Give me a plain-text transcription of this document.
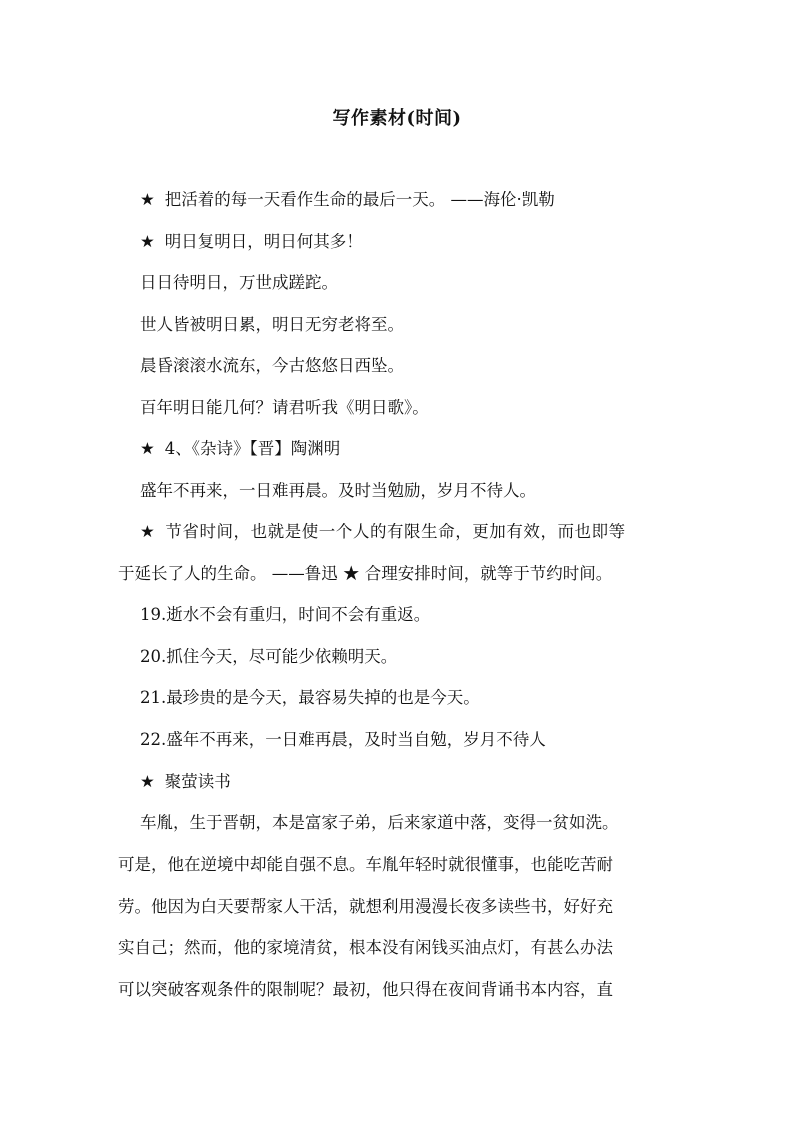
写作素材(时间)
★ 把活着的每一天看作生命的最后一天。 ——海伦·凯勒
★ 明日复明日，明日何其多！
日日待明日，万世成蹉跎。
世人皆被明日累，明日无穷老将至。
晨昏滚滚水流东，今古悠悠日西坠。
百年明日能几何？请君听我《明日歌》。
★ 4、《杂诗》【晋】陶渊明
盛年不再来，一日难再晨。及时当勉励，岁月不待人。
★ 节省时间，也就是使一个人的有限生命，更加有效，而也即等
于延长了人的生命。 ——鲁迅 ★ 合理安排时间，就等于节约时间。
19.逝水不会有重归，时间不会有重返。
20.抓住今天，尽可能少依赖明天。
21.最珍贵的是今天，最容易失掉的也是今天。
22.盛年不再来，一日难再晨，及时当自勉，岁月不待人
★ 聚萤读书
车胤，生于晋朝，本是富家子弟，后来家道中落，变得一贫如洗。
可是，他在逆境中却能自强不息。车胤年轻时就很懂事，也能吃苦耐
劳。他因为白天要帮家人干活，就想利用漫漫长夜多读些书，好好充
实自己；然而，他的家境清贫，根本没有闲钱买油点灯，有甚么办法
可以突破客观条件的限制呢？最初，他只得在夜间背诵书本内容，直
